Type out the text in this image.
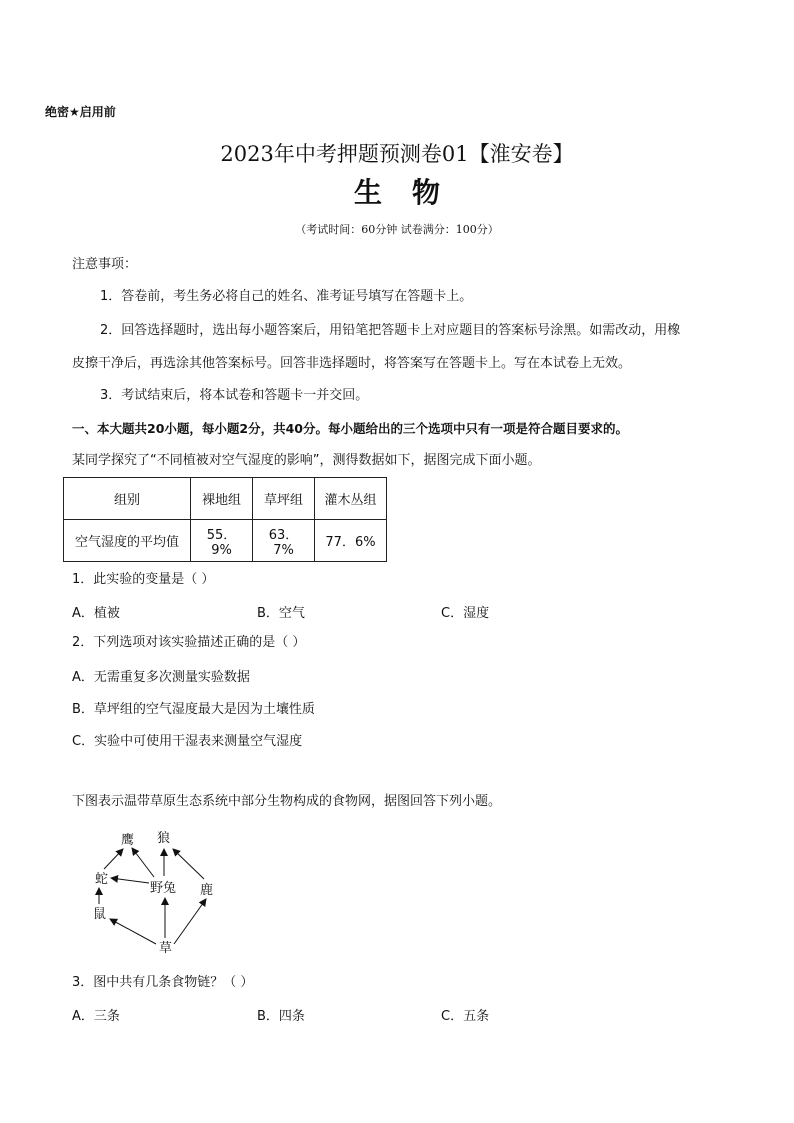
绝密★启用前
2023年中考押题预测卷01【淮安卷】
生物
（考试时间：60分钟 试卷满分：100分）
注意事项：
1．答卷前，考生务必将自己的姓名、准考证号填写在答题卡上。
2．回答选择题时，选出每小题答案后，用铅笔把答题卡上对应题目的答案标号涂黑。如需改动，用橡
皮擦干净后，再选涂其他答案标号。回答非选择题时，将答案写在答题卡上。写在本试卷上无效。
3．考试结束后，将本试卷和答题卡一并交回。
一、本大题共20小题，每小题2分，共40分。每小题给出的三个选项中只有一项是符合题目要求的。
某同学探究了“不同植被对空气湿度的影响”，测得数据如下，据图完成下面小题。
组别	裸地组	草坪组	灌木丛组
空气湿度的平均值	55．9%	63．7%	77．6%
1．此实验的变量是（ ）
A．植被	B．空气	C．湿度
2．下列选项对该实验描述正确的是（ ）
A．无需重复多次测量实验数据
B．草坪组的空气湿度最大是因为土壤性质
C．实验中可使用干湿表来测量空气湿度
下图表示温带草原生态系统中部分生物构成的食物网，据图回答下列小题。
鹰 狼
蛇
野兔 鹿
鼠
草
3．图中共有几条食物链？（ ）
A．三条	B．四条	C．五条
